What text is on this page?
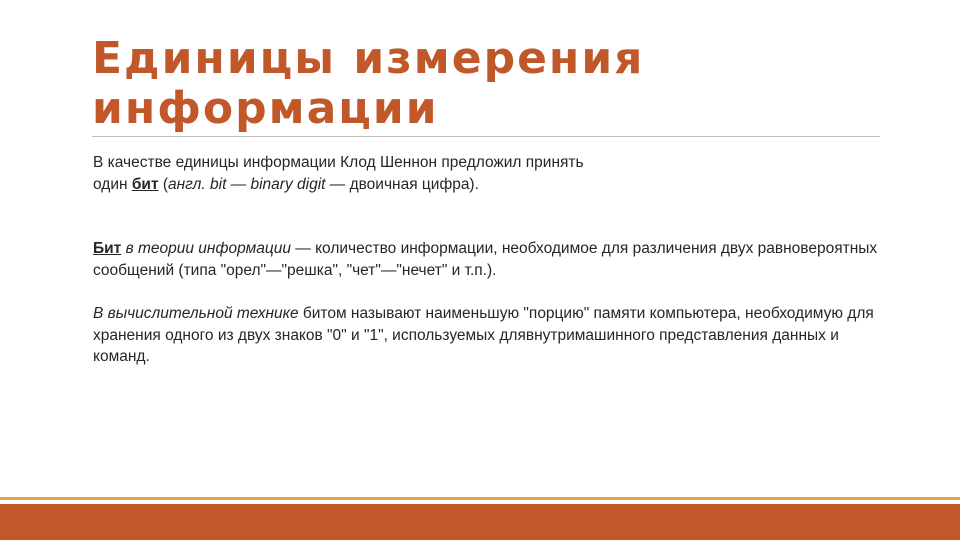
Единицы измерения информации

В качестве единицы информации Клод Шеннон предложил принять
один бит (англ. bit — binary digit — двоичная цифра).

Бит в теории информации — количество информации, необходимое для различения двух равновероятных сообщений (типа "орел"—"решка", "чет"—"нечет" и т.п.).

В вычислительной технике битом называют наименьшую "порцию" памяти компьютера, необходимую для хранения одного из двух знаков "0" и "1", используемых длявнутримашинного представления данных и команд.
